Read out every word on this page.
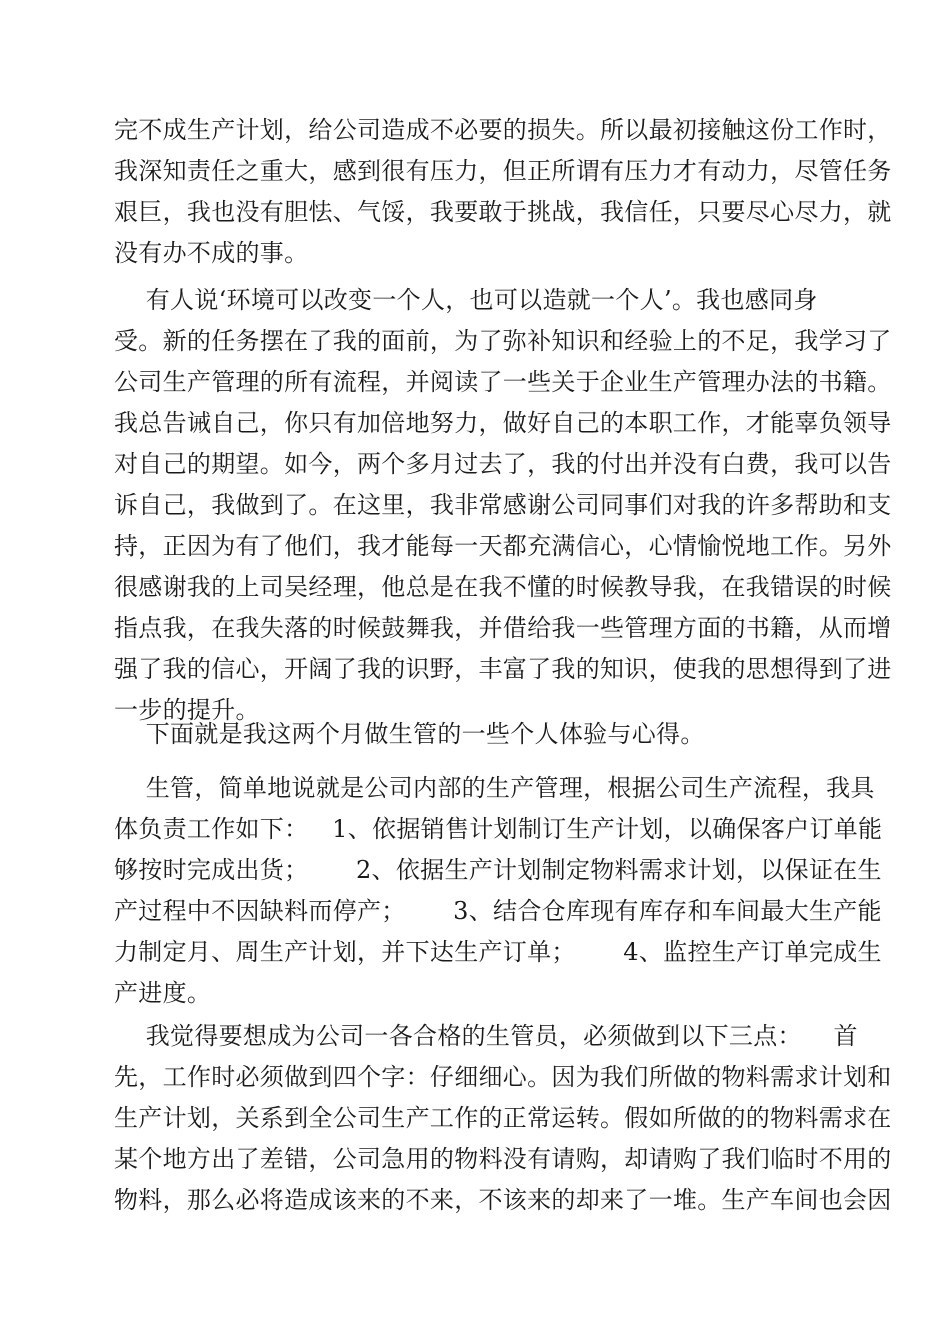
完不成生产计划，给公司造成不必要的损失。所以最初接触这份工作时，
我深知责任之重大，感到很有压力，但正所谓有压力才有动力，尽管任务
艰巨，我也没有胆怯、气馁，我要敢于挑战，我信任，只要尽心尽力，就
没有办不成的事。
有人说‘环境可以改变一个人，也可以造就一个人’。我也感同身
受。新的任务摆在了我的面前，为了弥补知识和经验上的不足，我学习了
公司生产管理的所有流程，并阅读了一些关于企业生产管理办法的书籍。
我总告诫自己，你只有加倍地努力，做好自己的本职工作，才能辜负领导
对自己的期望。如今，两个多月过去了，我的付出并没有白费，我可以告
诉自己，我做到了。在这里，我非常感谢公司同事们对我的许多帮助和支
持，正因为有了他们，我才能每一天都充满信心，心情愉悦地工作。另外
很感谢我的上司吴经理，他总是在我不懂的时候教导我，在我错误的时候
指点我，在我失落的时候鼓舞我，并借给我一些管理方面的书籍，从而增
强了我的信心，开阔了我的识野，丰富了我的知识，使我的思想得到了进
一步的提升。
下面就是我这两个月做生管的一些个人体验与心得。
生管，简单地说就是公司内部的生产管理，根据公司生产流程，我具
体负责工作如下：   1、依据销售计划制订生产计划，以确保客户订单能
够按时完成出货；      2、依据生产计划制定物料需求计划，以保证在生
产过程中不因缺料而停产；      3、结合仓库现有库存和车间最大生产能
力制定月、周生产计划，并下达生产订单；      4、监控生产订单完成生
产进度。
我觉得要想成为公司一各合格的生管员，必须做到以下三点：    首
先，工作时必须做到四个字：仔细细心。因为我们所做的物料需求计划和
生产计划，关系到全公司生产工作的正常运转。假如所做的的物料需求在
某个地方出了差错，公司急用的物料没有请购，却请购了我们临时不用的
物料，那么必将造成该来的不来，不该来的却来了一堆。生产车间也会因
